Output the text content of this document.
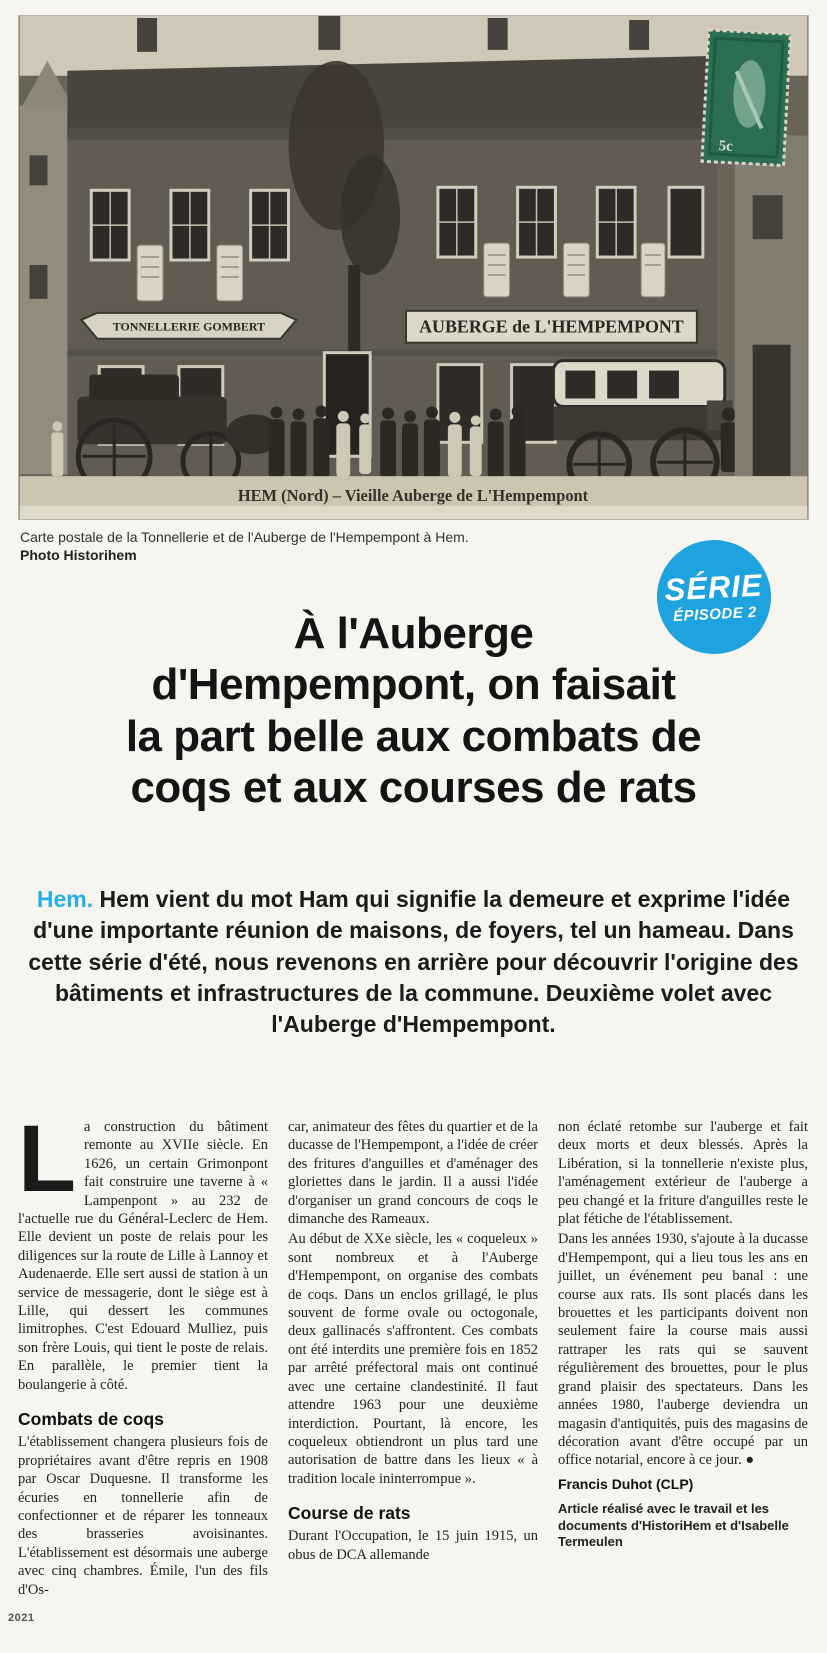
TONNELLERIE GOMBERT	AUBERGE de L'HEMPEMPONT
HEM (Nord) – Vieille Auberge de L'Hempempont
5c
Carte postale de la Tonnellerie et de l'Auberge de l'Hempempont à Hem.
Photo Historihem
SÉRIE
ÉPISODE 2
À l'Auberge
d'Hempempont, on faisait
la part belle aux combats de
coqs et aux courses de rats
Hem. Hem vient du mot Ham qui signifie la demeure et exprime l'idée d'une importante réunion de maisons, de foyers, tel un hameau. Dans cette série d'été, nous revenons en arrière pour découvrir l'origine des bâtiments et infrastructures de la commune. Deuxième volet avec l'Auberge d'Hempempont.

La construction du bâtiment remonte au XVIIe siècle. En 1626, un certain Grimonpont fait construire une taverne à « Lampenpont » au 232 de l'actuelle rue du Général-Leclerc de Hem. Elle devient un poste de relais pour les diligences sur la route de Lille à Lannoy et Audenaerde. Elle sert aussi de station à un service de messagerie, dont le siège est à Lille, qui dessert les communes limitrophes. C'est Edouard Mulliez, puis son frère Louis, qui tient le poste de relais. En parallèle, le premier tient la boulangerie à côté.

Combats de coqs

L'établissement changera plusieurs fois de propriétaires avant d'être repris en 1908 par Oscar Duquesne. Il transforme les écuries en tonnellerie afin de confectionner et de réparer les tonneaux des brasseries avoisinantes. L'établissement est désormais une auberge avec cinq chambres. Émile, l'un des fils d'Os-

car, animateur des fêtes du quartier et de la ducasse de l'Hempempont, a l'idée de créer des fritures d'anguilles et d'aménager des gloriettes dans le jardin. Il a aussi l'idée d'organiser un grand concours de coqs le dimanche des Rameaux.

Au début de XXe siècle, les « coqueleux » sont nombreux et à l'Auberge d'Hempempont, on organise des combats de coqs. Dans un enclos grillagé, le plus souvent de forme ovale ou octogonale, deux gallinacés s'affrontent. Ces combats ont été interdits une première fois en 1852 par arrêté préfectoral mais ont continué avec une certaine clandestinité. Il faut attendre 1963 pour une deuxième interdiction. Pourtant, là encore, les coqueleux obtiendront un plus tard une autorisation de battre dans les lieux « à tradition locale ininterrompue ».

Course de rats

Durant l'Occupation, le 15 juin 1915, un obus de DCA allemande

non éclaté retombe sur l'auberge et fait deux morts et deux blessés. Après la Libération, si la tonnellerie n'existe plus, l'aménagement extérieur de l'auberge a peu changé et la friture d'anguilles reste le plat fétiche de l'établissement.

Dans les années 1930, s'ajoute à la ducasse d'Hempempont, qui a lieu tous les ans en juillet, un événement peu banal : une course aux rats. Ils sont placés dans les brouettes et les participants doivent non seulement faire la course mais aussi rattraper les rats qui se sauvent régulièrement des brouettes, pour le plus grand plaisir des spectateurs. Dans les années 1980, l'auberge deviendra un magasin d'antiquités, puis des magasins de décoration avant d'être occupé par un office notarial, encore à ce jour. ●

Francis Duhot (CLP)
Article réalisé avec le travail et les documents d'HistoriHem et d'Isabelle Termeulen
2021
